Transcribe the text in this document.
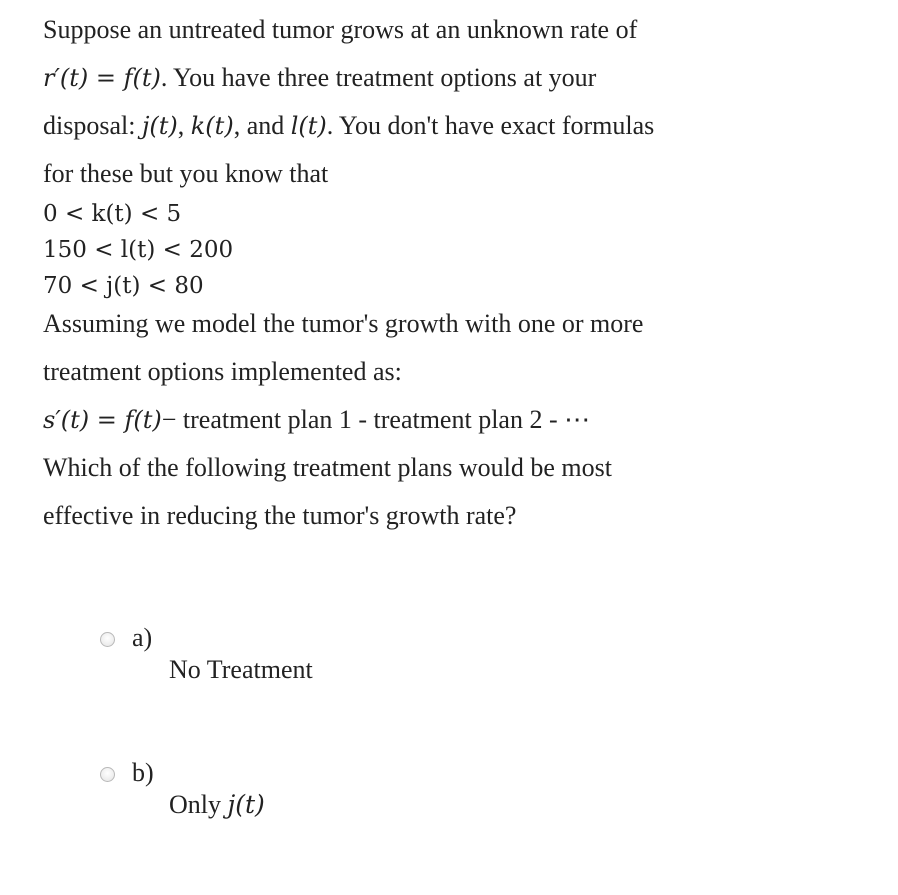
Suppose an untreated tumor grows at an unknown rate of
r′(t) = f(t). You have three treatment options at your
disposal: j(t), k(t), and l(t). You don't have exact formulas
for these but you know that
0 < k(t) < 5
150 < l(t) < 200
70 < j(t) < 80
Assuming we model the tumor's growth with one or more
treatment options implemented as:
s′(t) = f(t)− treatment plan 1 - treatment plan 2 - ⋯
Which of the following treatment plans would be most
effective in reducing the tumor's growth rate?
a)
No Treatment
b)
Only j(t)
